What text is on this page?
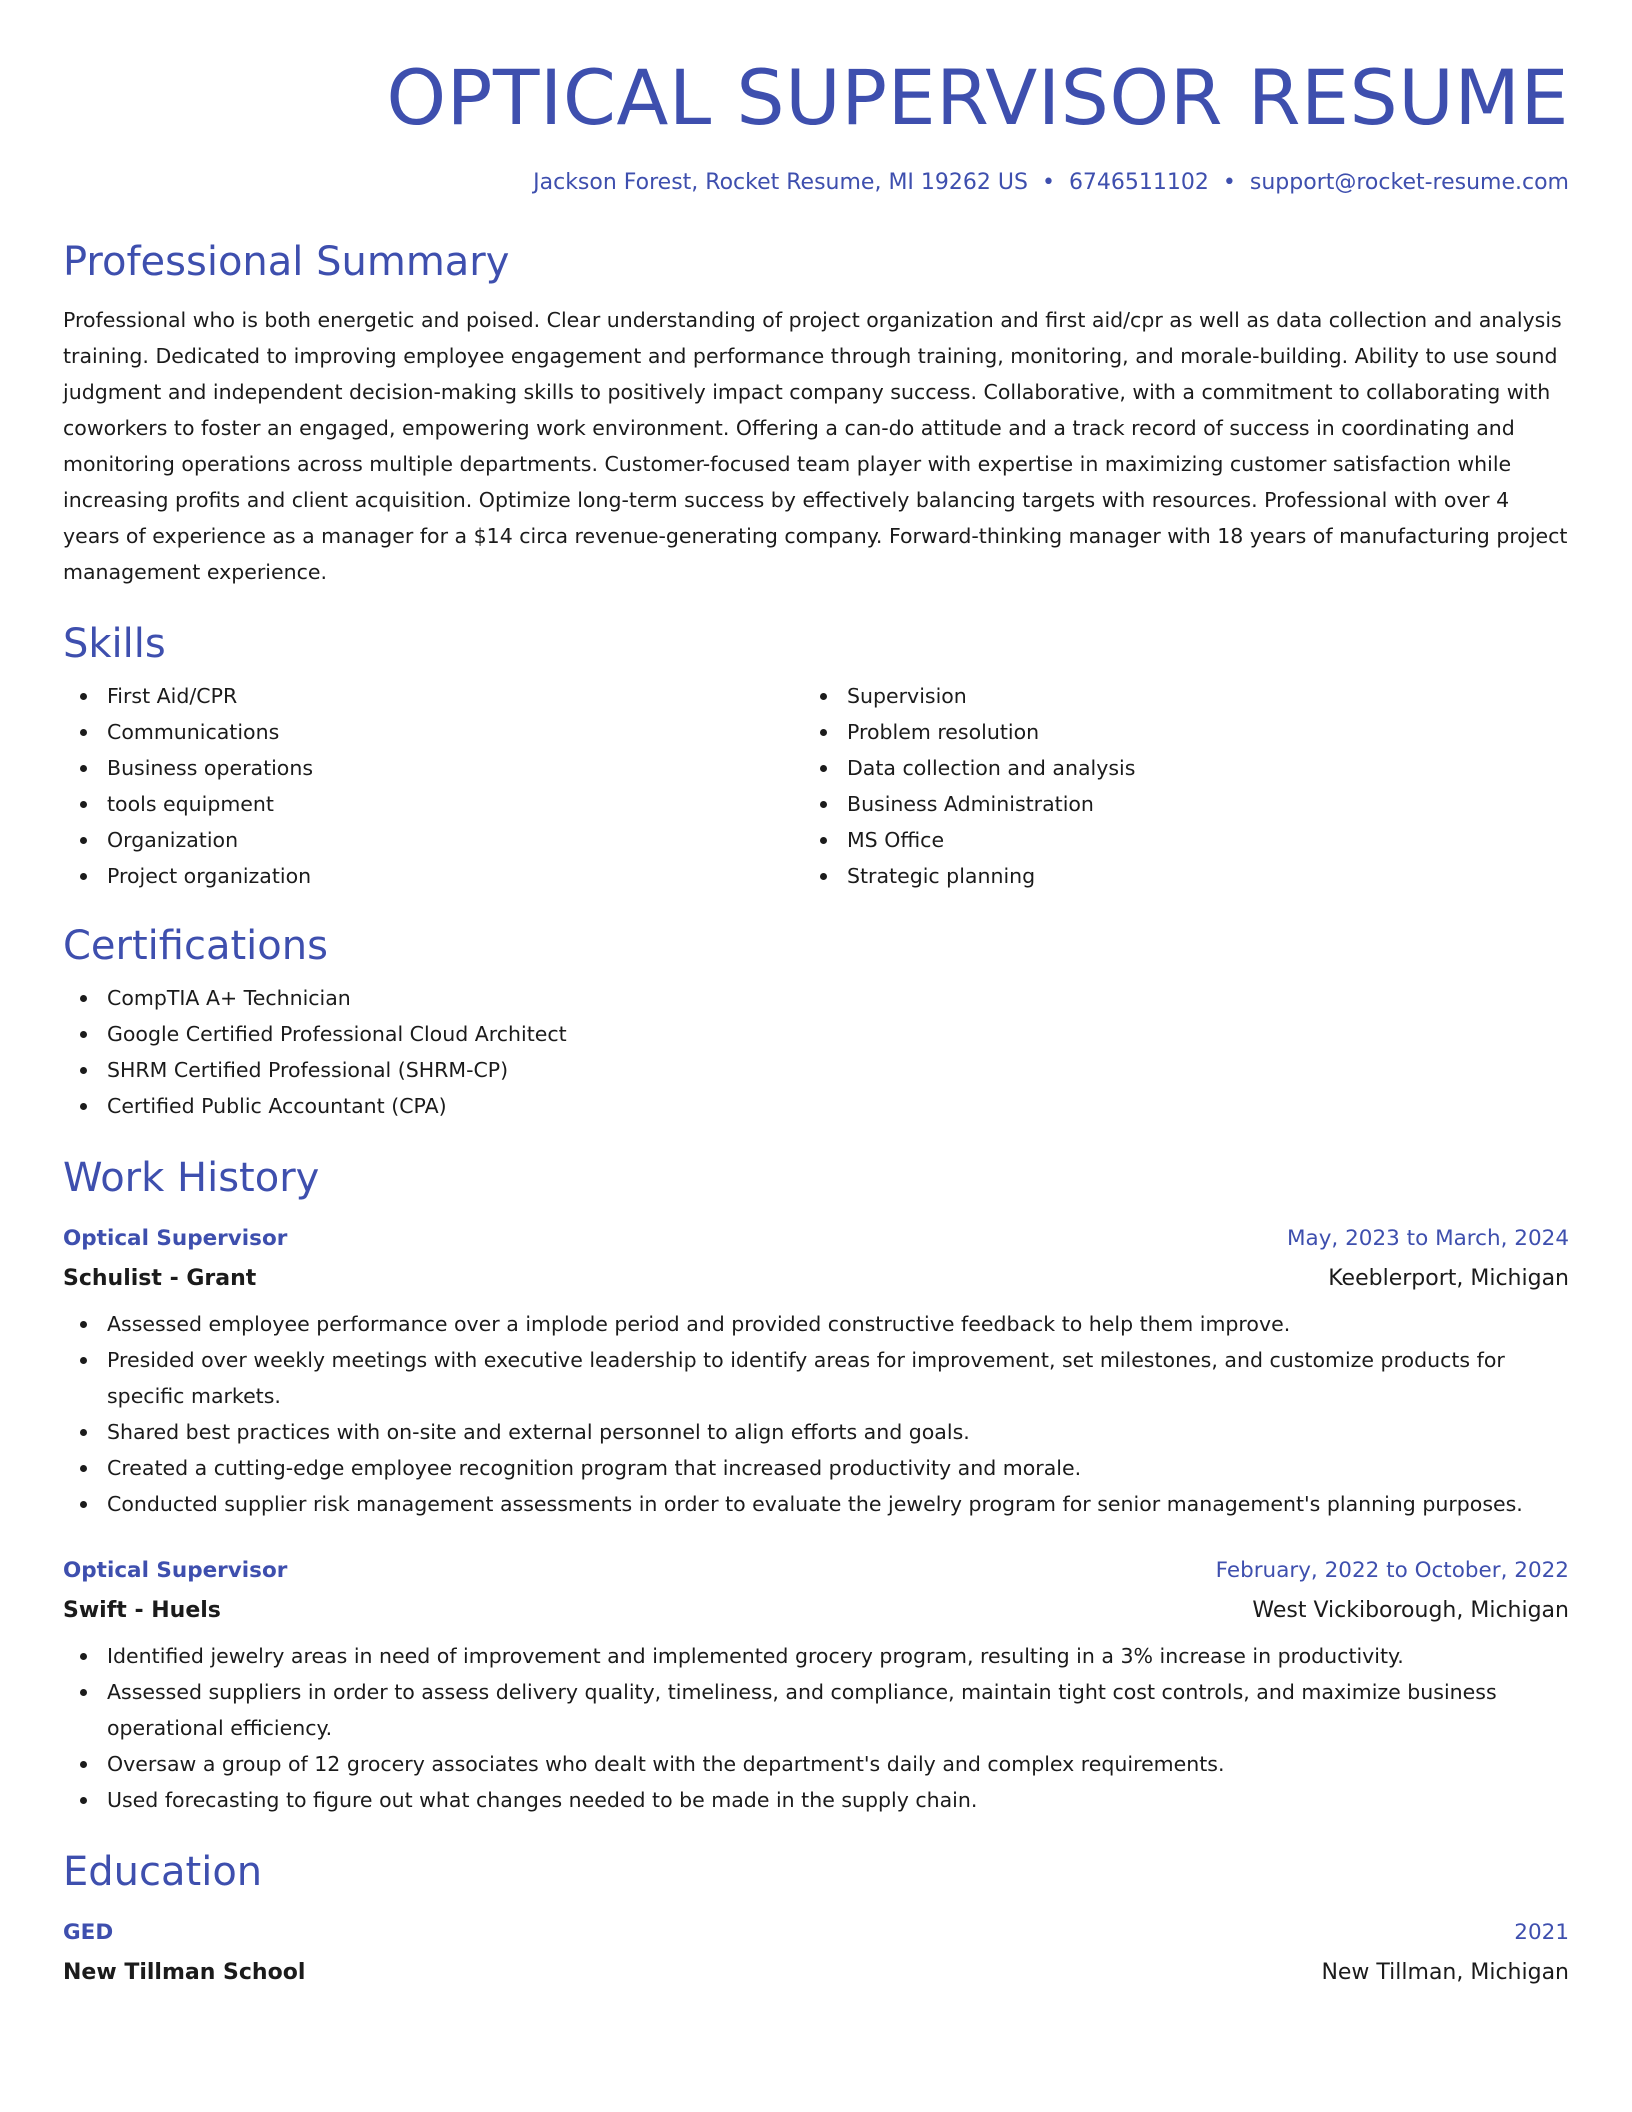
OPTICAL SUPERVISOR RESUME
Jackson Forest, Rocket Resume, MI 19262 US • 6746511102 • support@rocket-resume.com
Professional Summary

Professional who is both energetic and poised. Clear understanding of project organization and first aid/cpr as well as data collection and analysis training. Dedicated to improving employee engagement and performance through training, monitoring, and morale-building. Ability to use sound judgment and independent decision-making skills to positively impact company success. Collaborative, with a commitment to collaborating with coworkers to foster an engaged, empowering work environment. Offering a can-do attitude and a track record of success in coordinating and monitoring operations across multiple departments. Customer-focused team player with expertise in maximizing customer satisfaction while increasing profits and client acquisition. Optimize long-term success by effectively balancing targets with resources. Professional with over 4 years of experience as a manager for a $14 circa revenue-generating company. Forward-thinking manager with 18 years of manufacturing project management experience.

Skills
First Aid/CPR
Communications
Business operations
tools equipment
Organization
Project organization
Supervision
Problem resolution
Data collection and analysis
Business Administration
MS Office
Strategic planning
Certifications
CompTIA A+ Technician
Google Certified Professional Cloud Architect
SHRM Certified Professional (SHRM-CP)
Certified Public Accountant (CPA)
Work History
Optical Supervisor	May, 2023 to March, 2024
Schulist - Grant	Keeblerport, Michigan
Assessed employee performance over a implode period and provided constructive feedback to help them improve.
Presided over weekly meetings with executive leadership to identify areas for improvement, set milestones, and customize products for specific markets.
Shared best practices with on-site and external personnel to align efforts and goals.
Created a cutting-edge employee recognition program that increased productivity and morale.
Conducted supplier risk management assessments in order to evaluate the jewelry program for senior management's planning purposes.
Optical Supervisor	February, 2022 to October, 2022
Swift - Huels	West Vickiborough, Michigan
Identified jewelry areas in need of improvement and implemented grocery program, resulting in a 3% increase in productivity.
Assessed suppliers in order to assess delivery quality, timeliness, and compliance, maintain tight cost controls, and maximize business operational efficiency.
Oversaw a group of 12 grocery associates who dealt with the department's daily and complex requirements.
Used forecasting to figure out what changes needed to be made in the supply chain.
Education
GED	2021
New Tillman School	New Tillman, Michigan
